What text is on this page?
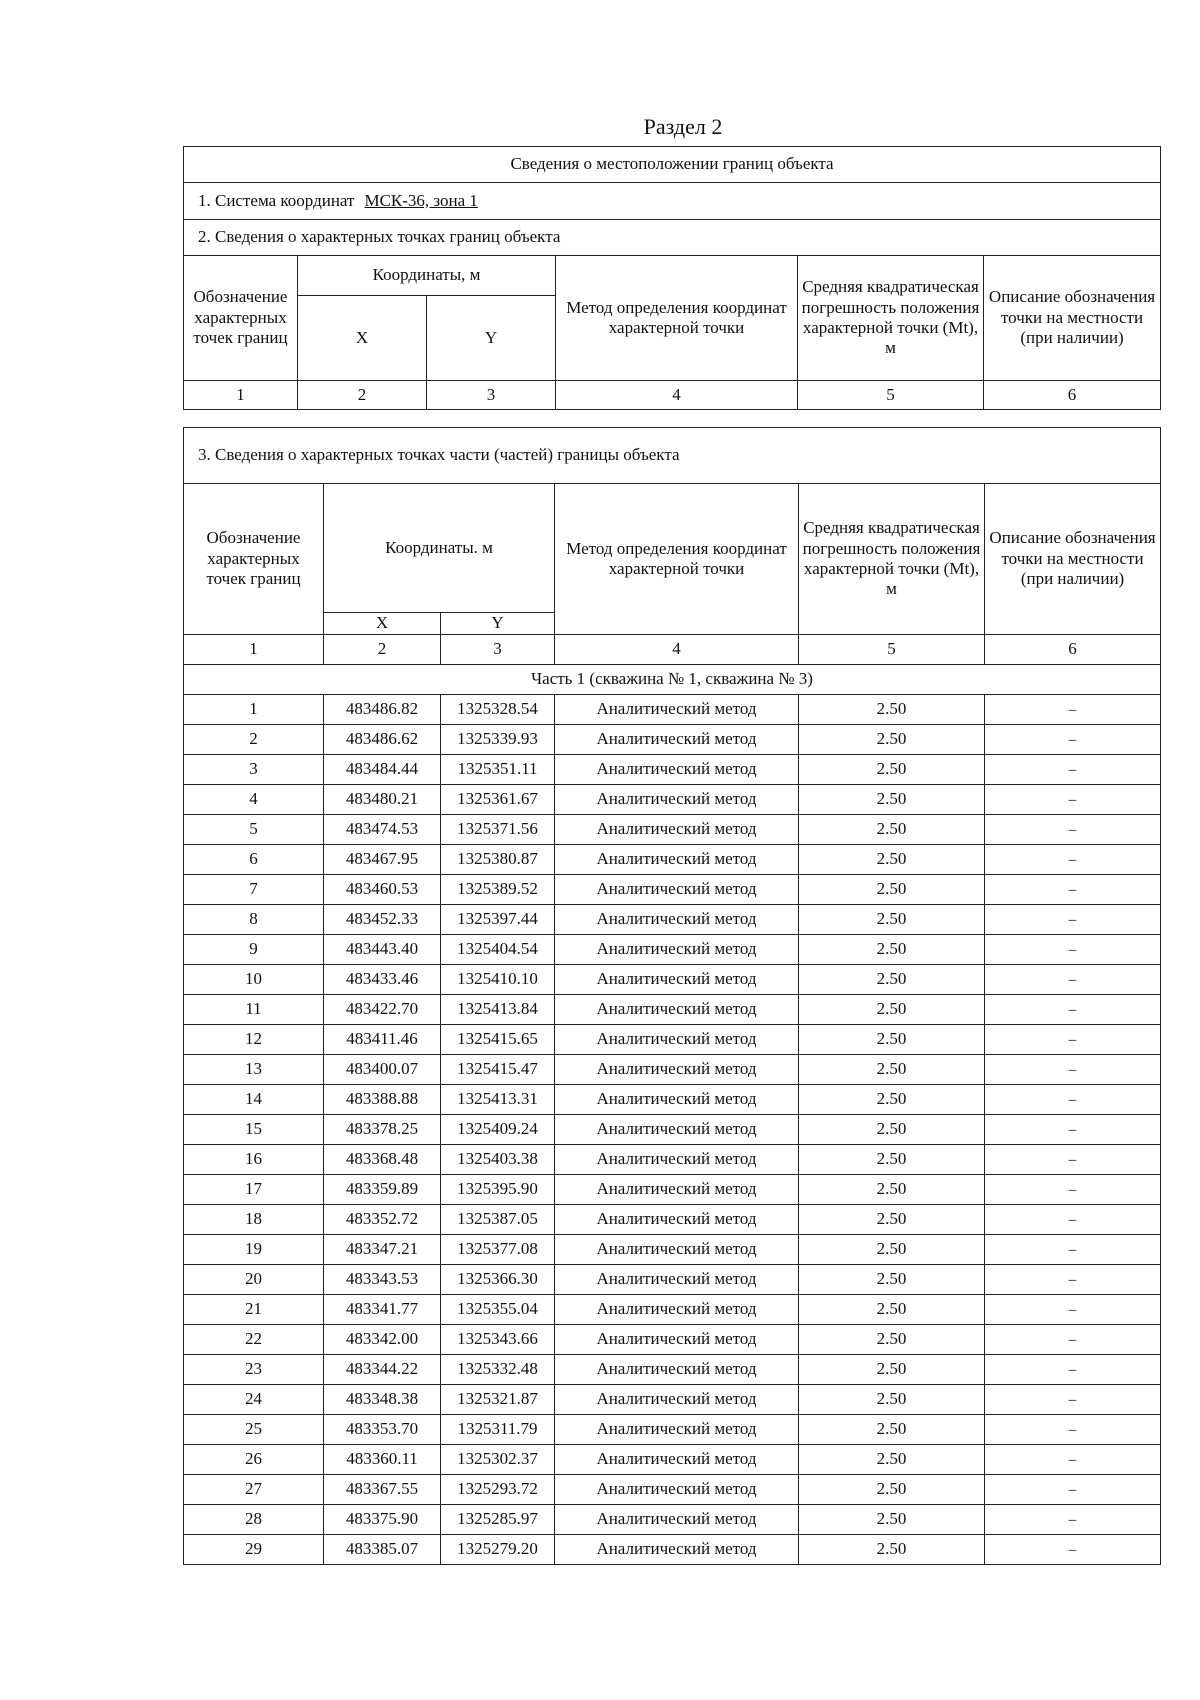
Раздел 2
Сведения о местоположении границ объекта					
1. Система координат МСК-36, зона 1					
2. Сведения о характерных точках границ объекта					
Обозначение характерных точек границ	Координаты, м		Метод определения координат характерной точки	Средняя квадратическая погрешность положения характерной точки (Mt), м	Описание обозначения точки на местности (при наличии)
	X	Y			
1	2	3	4	5	6
3. Сведения о характерных точках части (частей) границы объекта					
Обозначение характерных точек границ	Координаты. м		Метод определения координат характерной точки	Средняя квадратическая погрешность положения характерной точки (Mt), м	Описание обозначения точки на местности (при наличии)
	X	Y			
1	2	3	4	5	6
Часть 1 (скважина № 1, скважина № 3)					
1	483486.82	1325328.54	Аналитический метод	2.50	–
2	483486.62	1325339.93	Аналитический метод	2.50	–
3	483484.44	1325351.11	Аналитический метод	2.50	–
4	483480.21	1325361.67	Аналитический метод	2.50	–
5	483474.53	1325371.56	Аналитический метод	2.50	–
6	483467.95	1325380.87	Аналитический метод	2.50	–
7	483460.53	1325389.52	Аналитический метод	2.50	–
8	483452.33	1325397.44	Аналитический метод	2.50	–
9	483443.40	1325404.54	Аналитический метод	2.50	–
10	483433.46	1325410.10	Аналитический метод	2.50	–
11	483422.70	1325413.84	Аналитический метод	2.50	–
12	483411.46	1325415.65	Аналитический метод	2.50	–
13	483400.07	1325415.47	Аналитический метод	2.50	–
14	483388.88	1325413.31	Аналитический метод	2.50	–
15	483378.25	1325409.24	Аналитический метод	2.50	–
16	483368.48	1325403.38	Аналитический метод	2.50	–
17	483359.89	1325395.90	Аналитический метод	2.50	–
18	483352.72	1325387.05	Аналитический метод	2.50	–
19	483347.21	1325377.08	Аналитический метод	2.50	–
20	483343.53	1325366.30	Аналитический метод	2.50	–
21	483341.77	1325355.04	Аналитический метод	2.50	–
22	483342.00	1325343.66	Аналитический метод	2.50	–
23	483344.22	1325332.48	Аналитический метод	2.50	–
24	483348.38	1325321.87	Аналитический метод	2.50	–
25	483353.70	1325311.79	Аналитический метод	2.50	–
26	483360.11	1325302.37	Аналитический метод	2.50	–
27	483367.55	1325293.72	Аналитический метод	2.50	–
28	483375.90	1325285.97	Аналитический метод	2.50	–
29	483385.07	1325279.20	Аналитический метод	2.50	–
